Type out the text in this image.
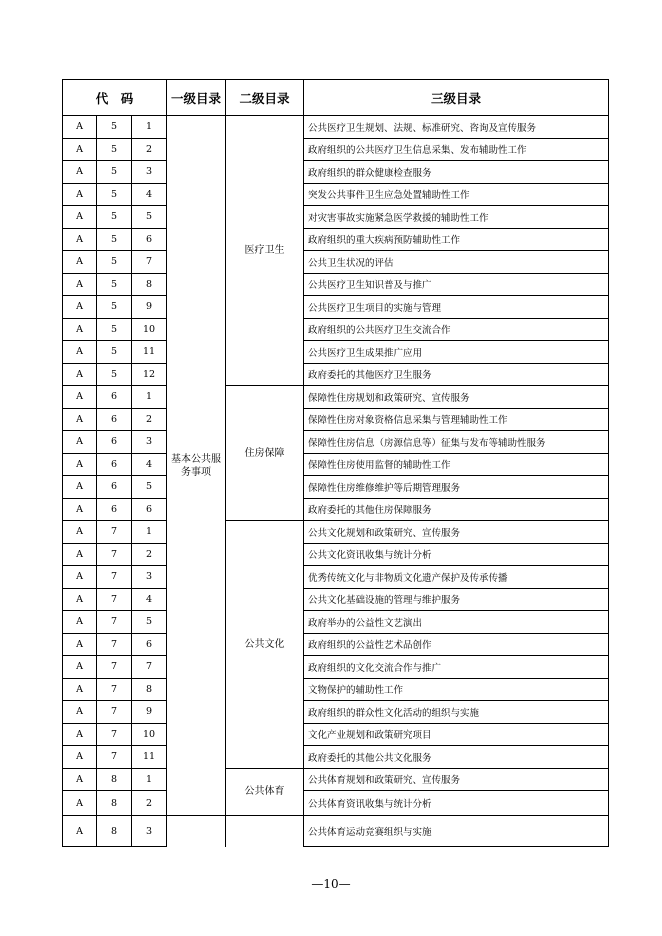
代　码			一级目录	二级目录	三级目录
A	5	1	基本公共服务事项	医疗卫生	公共医疗卫生规划、法规、标准研究、咨询及宣传服务
A	5	2			政府组织的公共医疗卫生信息采集、发布辅助性工作
A	5	3			政府组织的群众健康检查服务
A	5	4			突发公共事件卫生应急处置辅助性工作
A	5	5			对灾害事故实施紧急医学救援的辅助性工作
A	5	6			政府组织的重大疾病预防辅助性工作
A	5	7			公共卫生状况的评估
A	5	8			公共医疗卫生知识普及与推广
A	5	9			公共医疗卫生项目的实施与管理
A	5	10			政府组织的公共医疗卫生交流合作
A	5	11			公共医疗卫生成果推广应用
A	5	12			政府委托的其他医疗卫生服务
A	6	1		住房保障	保障性住房规划和政策研究、宣传服务
A	6	2			保障性住房对象资格信息采集与管理辅助性工作
A	6	3			保障性住房信息（房源信息等）征集与发布等辅助性服务
A	6	4			保障性住房使用监督的辅助性工作
A	6	5			保障性住房维修维护等后期管理服务
A	6	6			政府委托的其他住房保障服务
A	7	1		公共文化	公共文化规划和政策研究、宣传服务
A	7	2			公共文化资讯收集与统计分析
A	7	3			优秀传统文化与非物质文化遗产保护及传承传播
A	7	4			公共文化基础设施的管理与维护服务
A	7	5			政府举办的公益性文艺演出
A	7	6			政府组织的公益性艺术品创作
A	7	7			政府组织的文化交流合作与推广
A	7	8			文物保护的辅助性工作
A	7	9			政府组织的群众性文化活动的组织与实施
A	7	10			文化产业规划和政策研究项目
A	7	11			政府委托的其他公共文化服务
A	8	1		公共体育	公共体育规划和政策研究、宣传服务
A	8	2			公共体育资讯收集与统计分析
A	8	3			公共体育运动竞赛组织与实施
—10—
